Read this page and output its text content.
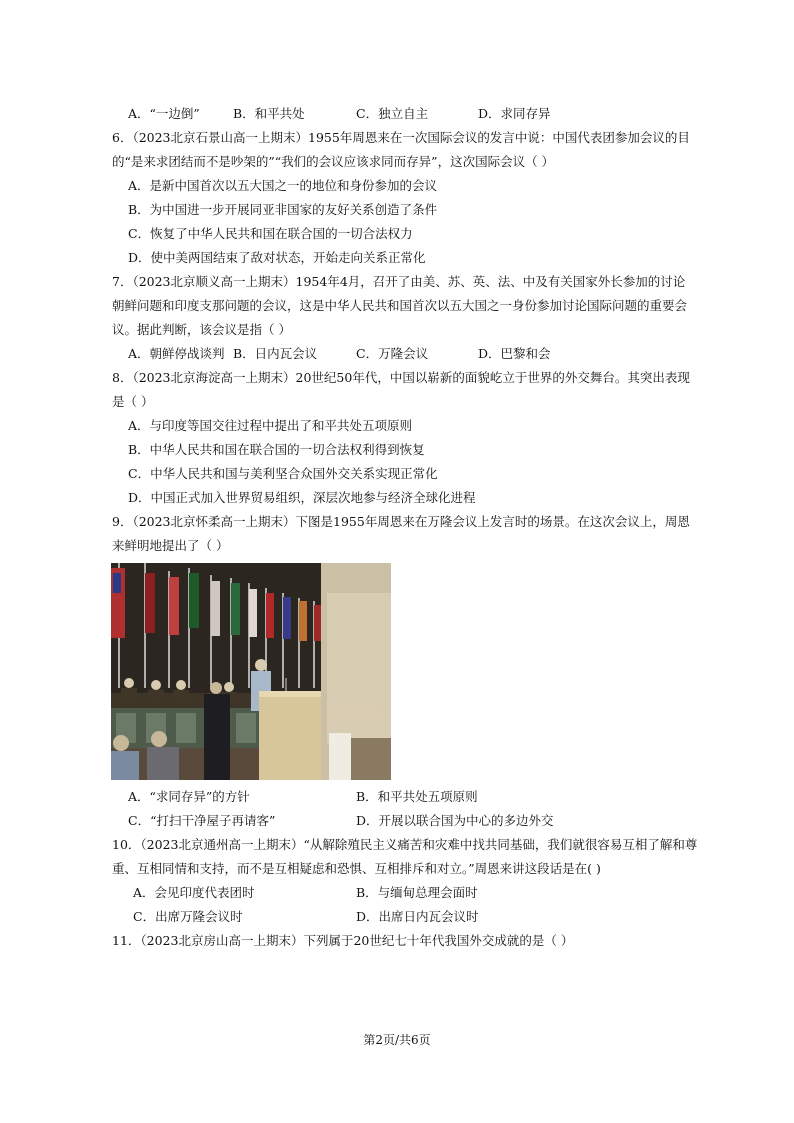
A．“一边倒”	B．和平共处	C．独立自主	D．求同存异
6．（2023北京石景山高一上期末）1955年周恩来在一次国际会议的发言中说：中国代表团参加会议的目
的“是来求团结而不是吵架的”“我们的会议应该求同而存异”，这次国际会议（ ）
A．是新中国首次以五大国之一的地位和身份参加的会议
B．为中国进一步开展同亚非国家的友好关系创造了条件
C．恢复了中华人民共和国在联合国的一切合法权力
D．使中美两国结束了敌对状态，开始走向关系正常化
7．（2023北京顺义高一上期末）1954年4月，召开了由美、苏、英、法、中及有关国家外长参加的讨论
朝鲜问题和印度支那问题的会议，这是中华人民共和国首次以五大国之一身份参加讨论国际问题的重要会
议。据此判断，该会议是指（ ）
A．朝鲜停战谈判 B．日内瓦会议	C．万隆会议	D．巴黎和会
8．（2023北京海淀高一上期末）20世纪50年代，中国以崭新的面貌屹立于世界的外交舞台。其突出表现
是（ ）
A．与印度等国交往过程中提出了和平共处五项原则
B．中华人民共和国在联合国的一切合法权利得到恢复
C．中华人民共和国与美利坚合众国外交关系实现正常化
D．中国正式加入世界贸易组织，深层次地参与经济全球化进程
9．（2023北京怀柔高一上期末）下图是1955年周恩来在万隆会议上发言时的场景。在这次会议上，周恩
来鲜明地提出了（ ）
A．“求同存异”的方针	B．和平共处五项原则
C．“打扫干净屋子再请客”	D．开展以联合国为中心的多边外交
10．（2023北京通州高一上期末）“从解除殖民主义痛苦和灾难中找共同基础，我们就很容易互相了解和尊
重、互相同情和支持，而不是互相疑虑和恐惧、互相排斥和对立。”周恩来讲这段话是在( )
A．会见印度代表团时	B．与缅甸总理会面时
C．出席万隆会议时	D．出席日内瓦会议时
11．（2023北京房山高一上期末）下列属于20世纪七十年代我国外交成就的是（ ）
第2页/共6页
